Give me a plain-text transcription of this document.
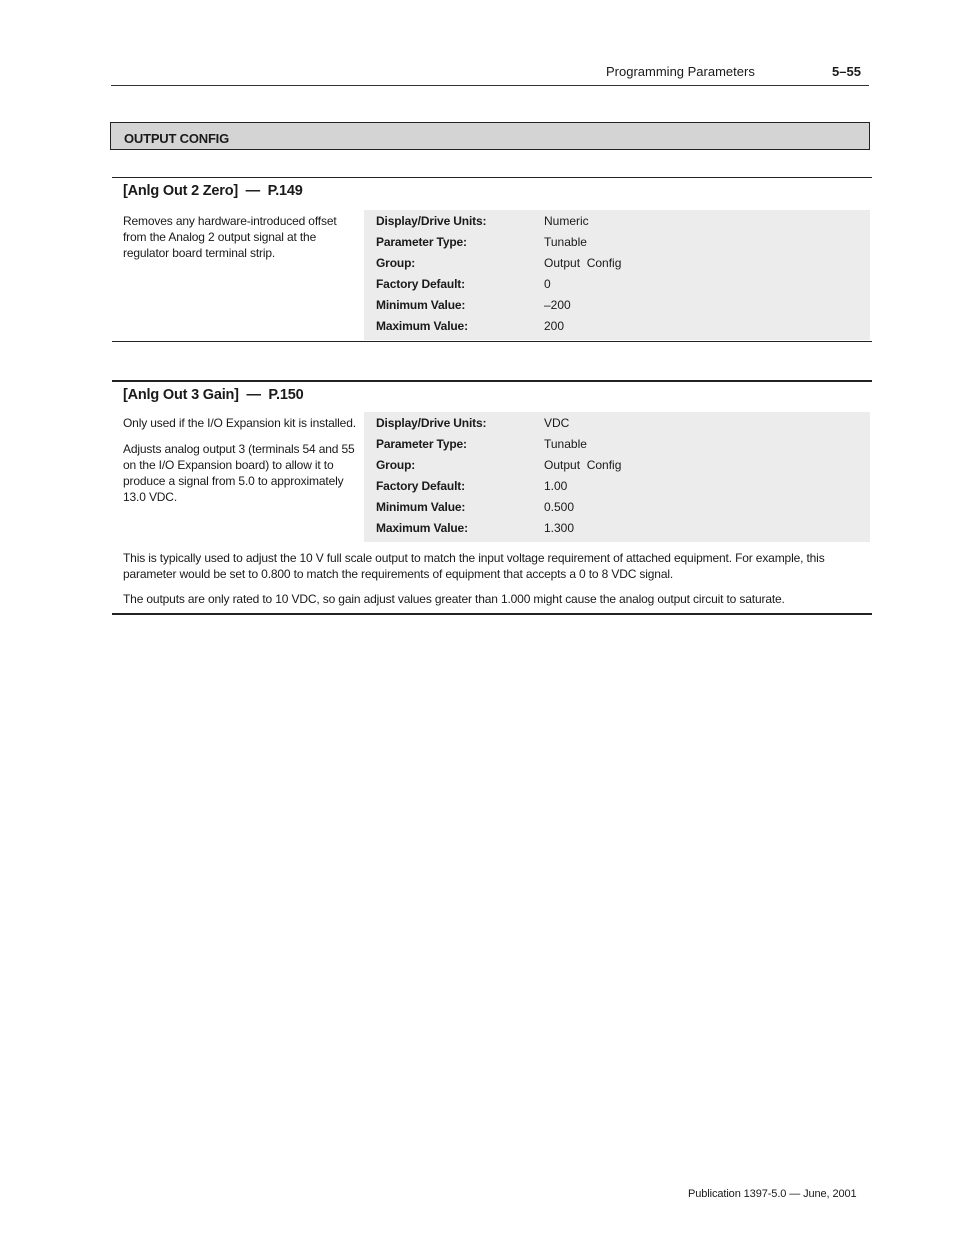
Programming Parameters	5–55
OUTPUT CONFIG
[Anlg Out 2 Zero]  —  P.149

Removes any hardware-introduced offset from the Analog 2 output signal at the regulator board terminal strip.

Display/Drive Units:	Numeric
Parameter Type:	Tunable
Group:	Output  Config
Factory Default:	0
Minimum Value:	–200
Maximum Value:	200
[Anlg Out 3 Gain]  —  P.150

Only used if the I/O Expansion kit is installed.

Adjusts analog output 3 (terminals 54 and 55 on the I/O Expansion board) to allow it to produce a signal from 5.0 to approximately 13.0 VDC.

Display/Drive Units:	VDC
Parameter Type:	Tunable
Group:	Output  Config
Factory Default:	1.00
Minimum Value:	0.500
Maximum Value:	1.300

This is typically used to adjust the 10 V full scale output to match the input voltage requirement of attached equipment. For example, this parameter would be set to 0.800 to match the requirements of equipment that accepts a 0 to 8 VDC signal.

The outputs are only rated to 10 VDC, so gain adjust values greater than 1.000 might cause the analog output circuit to saturate.

Publication 1397-5.0 — June, 2001
